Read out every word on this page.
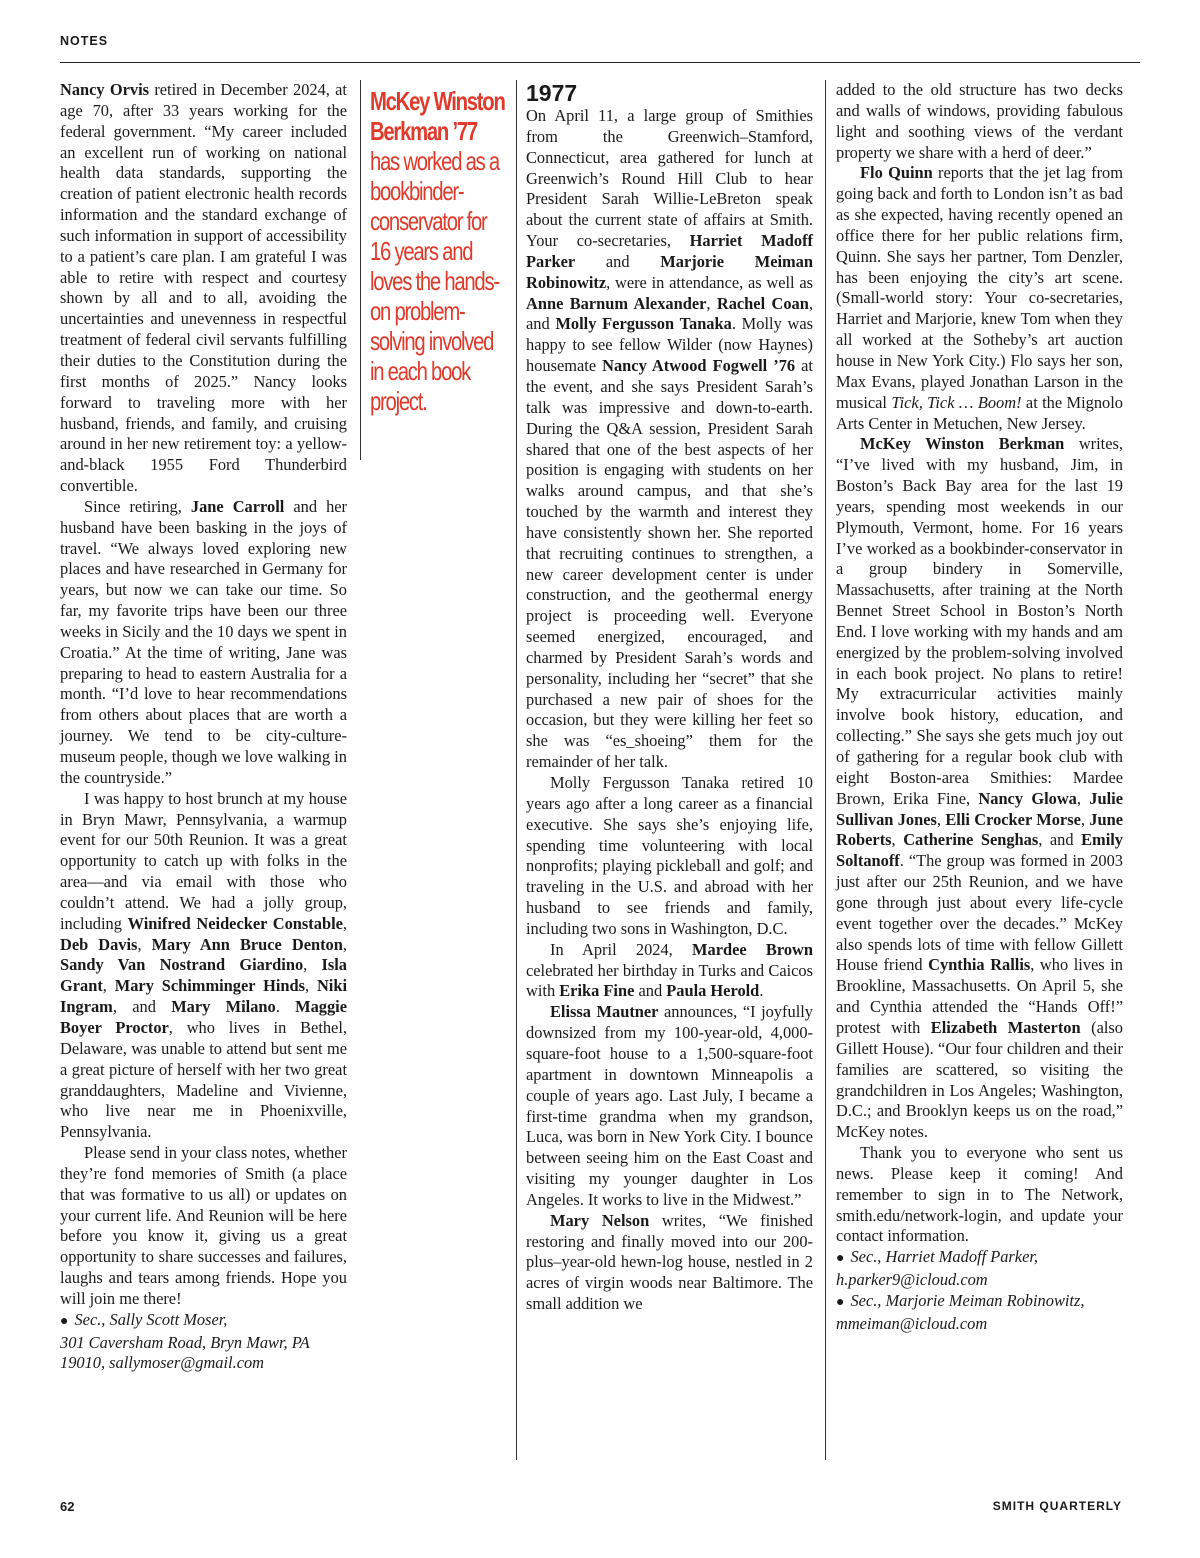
NOTES

Nancy Orvis retired in December 2024, at age 70, after 33 years working for the federal government. “My career included an excellent run of working on national health data standards, supporting the creation of patient electronic health records information and the standard exchange of such information in support of accessibility to a patient’s care plan. I am grateful I was able to retire with respect and courtesy shown by all and to all, avoiding the uncertainties and unevenness in respectful treatment of federal civil servants fulfilling their duties to the Constitution during the first months of 2025.” Nancy looks forward to traveling more with her husband, friends, and family, and cruising around in her new retirement toy: a yellow-and-black 1955 Ford Thunderbird convertible.

Since retiring, Jane Carroll and her husband have been basking in the joys of travel. “We always loved exploring new places and have researched in Germany for years, but now we can take our time. So far, my favorite trips have been our three weeks in Sicily and the 10 days we spent in Croatia.” At the time of writing, Jane was preparing to head to eastern Australia for a month. “I’d love to hear recommendations from others about places that are worth a journey. We tend to be city-culture-museum people, though we love walking in the countryside.”

I was happy to host brunch at my house in Bryn Mawr, Pennsylvania, a warmup event for our 50th Reunion. It was a great opportunity to catch up with folks in the area—and via email with those who couldn’t attend. We had a jolly group, including Winifred Neidecker Constable, Deb Davis, Mary Ann Bruce Denton, Sandy Van Nostrand Giardino, Isla Grant, Mary Schimminger Hinds, Niki Ingram, and Mary Milano. Maggie Boyer Proctor, who lives in Bethel, Delaware, was unable to attend but sent me a great picture of herself with her two great granddaughters, Madeline and Vivienne, who live near me in Phoenixville, Pennsylvania.

Please send in your class notes, whether they’re fond memories of Smith (a place that was formative to us all) or updates on your current life. And Reunion will be here before you know it, giving us a great opportunity to share successes and failures, laughs and tears among friends. Hope you will join me there!

● Sec., Sally Scott Moser,
301 Caversham Road, Bryn Mawr, PA 19010, sallymoser@gmail.com

McKey Winston Berkman ’77
has worked as a bookbinder-conservator for 16 years and loves the hands-on problem-solving involved in each book project.

1977

On April 11, a large group of Smithies from the Greenwich–Stamford, Connecticut, area gathered for lunch at Greenwich’s Round Hill Club to hear President Sarah Willie-LeBreton speak about the current state of affairs at Smith. Your co-secretaries, Harriet Madoff Parker and Marjorie Meiman Robinowitz, were in attendance, as well as Anne Barnum Alexander, Rachel Coan, and Molly Fergusson Tanaka. Molly was happy to see fellow Wilder (now Haynes) housemate Nancy Atwood Fogwell ’76 at the event, and she says President Sarah’s talk was impressive and down-to-earth. During the Q&A session, President Sarah shared that one of the best aspects of her position is engaging with students on her walks around campus, and that she’s touched by the warmth and interest they have consistently shown her. She reported that recruiting continues to strengthen, a new career development center is under construction, and the geothermal energy project is proceeding well. Everyone seemed energized, encouraged, and charmed by President Sarah’s words and personality, including her “secret” that she purchased a new pair of shoes for the occasion, but they were killing her feet so she was “es_shoeing” them for the remainder of her talk.

Molly Fergusson Tanaka retired 10 years ago after a long career as a financial executive. She says she’s enjoying life, spending time volunteering with local nonprofits; playing pickleball and golf; and traveling in the U.S. and abroad with her husband to see friends and family, including two sons in Washington, D.C.

In April 2024, Mardee Brown celebrated her birthday in Turks and Caicos with Erika Fine and Paula Herold.

Elissa Mautner announces, “I joyfully downsized from my 100-year-old, 4,000-square-foot house to a 1,500-square-foot apartment in downtown Minneapolis a couple of years ago. Last July, I became a first-time grandma when my grandson, Luca, was born in New York City. I bounce between seeing him on the East Coast and visiting my younger daughter in Los Angeles. It works to live in the Midwest.”

Mary Nelson writes, “We finished restoring and finally moved into our 200-plus–year-old hewn-log house, nestled in 2 acres of virgin woods near Baltimore. The small addition we

added to the old structure has two decks and walls of windows, providing fabulous light and soothing views of the verdant property we share with a herd of deer.”

Flo Quinn reports that the jet lag from going back and forth to London isn’t as bad as she expected, having recently opened an office there for her public relations firm, Quinn. She says her partner, Tom Denzler, has been enjoying the city’s art scene. (Small-world story: Your co-secretaries, Harriet and Marjorie, knew Tom when they all worked at the Sotheby’s art auction house in New York City.) Flo says her son, Max Evans, played Jonathan Larson in the musical Tick, Tick … Boom! at the Mignolo Arts Center in Metuchen, New Jersey.

McKey Winston Berkman writes, “I’ve lived with my husband, Jim, in Boston’s Back Bay area for the last 19 years, spending most weekends in our Plymouth, Vermont, home. For 16 years I’ve worked as a bookbinder-conservator in a group bindery in Somerville, Massachusetts, after training at the North Bennet Street School in Boston’s North End. I love working with my hands and am energized by the problem-solving involved in each book project. No plans to retire! My extracurricular activities mainly involve book history, education, and collecting.” She says she gets much joy out of gathering for a regular book club with eight Boston-area Smithies: Mardee Brown, Erika Fine, Nancy Glowa, Julie Sullivan Jones, Elli Crocker Morse, June Roberts, Catherine Senghas, and Emily Soltanoff. “The group was formed in 2003 just after our 25th Reunion, and we have gone through just about every life-cycle event together over the decades.” McKey also spends lots of time with fellow Gillett House friend Cynthia Rallis, who lives in Brookline, Massachusetts. On April 5, she and Cynthia attended the “Hands Off!” protest with Elizabeth Masterton (also Gillett House). “Our four children and their families are scattered, so visiting the grandchildren in Los Angeles; Washington, D.C.; and Brooklyn keeps us on the road,” McKey notes.

Thank you to everyone who sent us news. Please keep it coming! And remember to sign in to The Network, smith.edu/network-login, and update your contact information.

● Sec., Harriet Madoff Parker,
h.parker9@icloud.com

● Sec., Marjorie Meiman Robinowitz,
mmeiman@icloud.com

62	SMITH QUARTERLY
